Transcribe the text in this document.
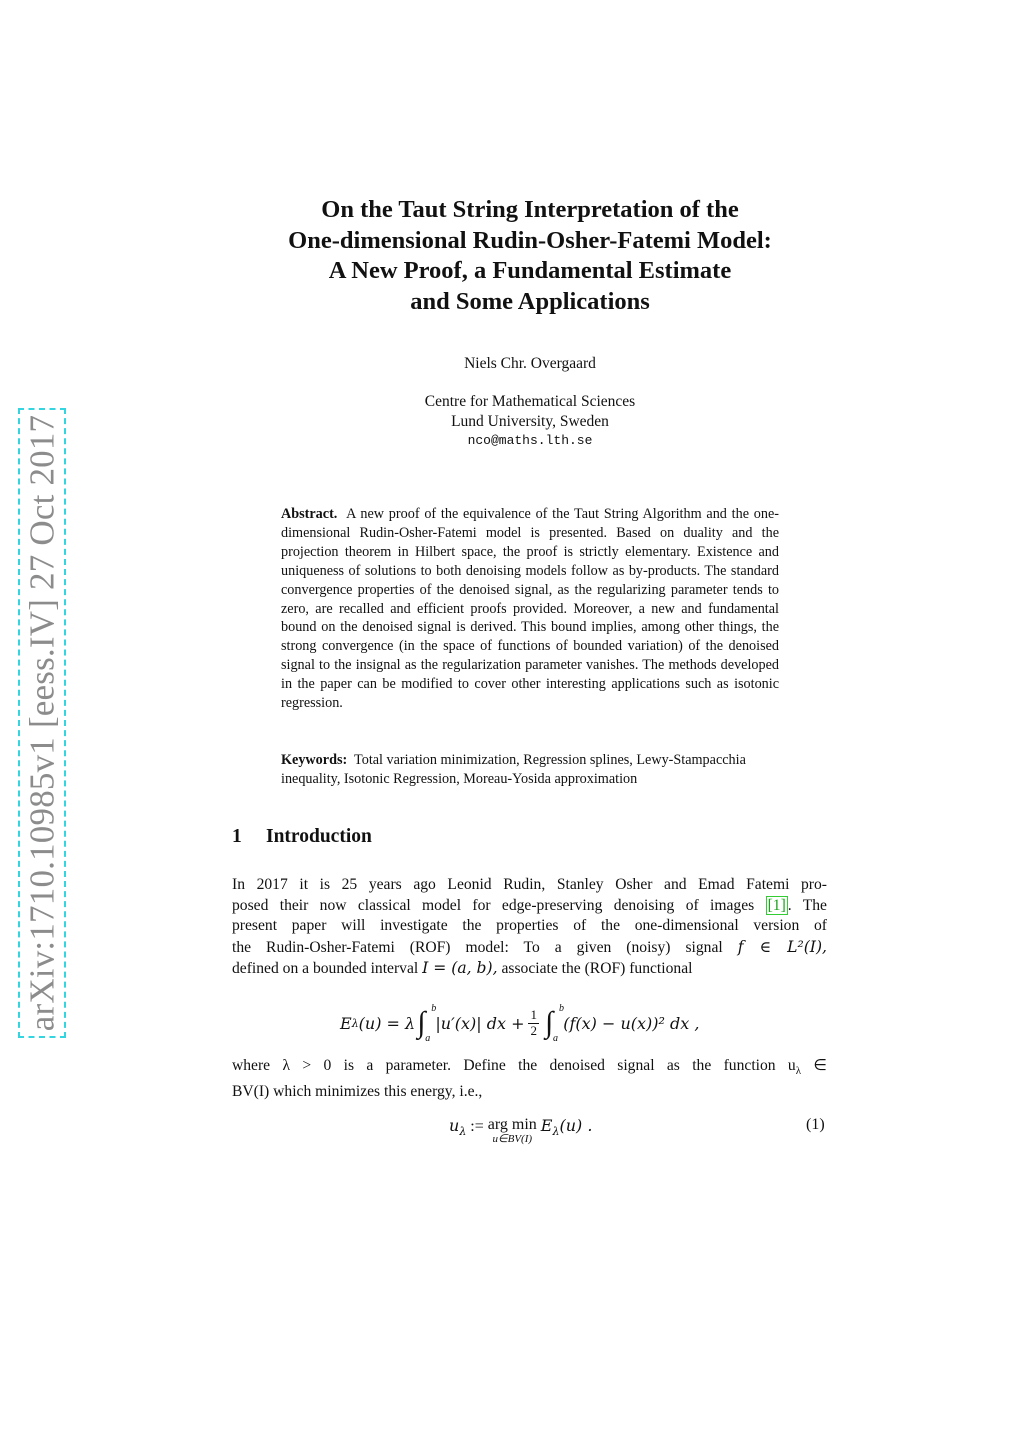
arXiv:1710.10985v1 [eess.IV] 27 Oct 2017
On the Taut String Interpretation of the
One-dimensional Rudin-Osher-Fatemi Model:
A New Proof, a Fundamental Estimate
and Some Applications
Niels Chr. Overgaard
Centre for Mathematical Sciences
Lund University, Sweden
nco@maths.lth.se
Abstract. A new proof of the equivalence of the Taut String Algorithm and the one-dimensional Rudin-Osher-Fatemi model is presented. Based on duality and the projection theorem in Hilbert space, the proof is strictly elementary. Existence and uniqueness of solutions to both denoising models follow as by-products. The standard convergence properties of the denoised signal, as the regularizing parameter tends to zero, are recalled and efficient proofs provided. Moreover, a new and fundamental bound on the denoised signal is derived. This bound implies, among other things, the strong convergence (in the space of functions of bounded variation) of the denoised signal to the insignal as the regularization parameter vanishes. The methods developed in the paper can be modified to cover other interesting applications such as isotonic regression.
Keywords: Total variation minimization, Regression splines, Lewy-Stampacchia
inequality, Isotonic Regression, Moreau-Yosida approximation
1 Introduction
In 2017 it is 25 years ago Leonid Rudin, Stanley Osher and Emad Fatemi pro-
posed their now classical model for edge-preserving denoising of images [1] . The
present paper will investigate the properties of the one-dimensional version of
the Rudin-Osher-Fatemi (ROF) model: To a given (noisy) signal f ∈ L²(I),
defined on a bounded interval I = (a, b), associate the (ROF) functional
E λ (u) = λ ∫ b
a
|u′(x)| dx + $\frac{1}{2}$ ∫ b
a
(f(x) − u(x))² dx ,
where λ > 0 is a parameter. Define the denoised signal as the function $u_\lambda$ ∈
BV(I) which minimizes this energy, i.e.,
$u_\lambda$ := arg min
u∈BV(I)
$E_\lambda(u)$ .	(1)
